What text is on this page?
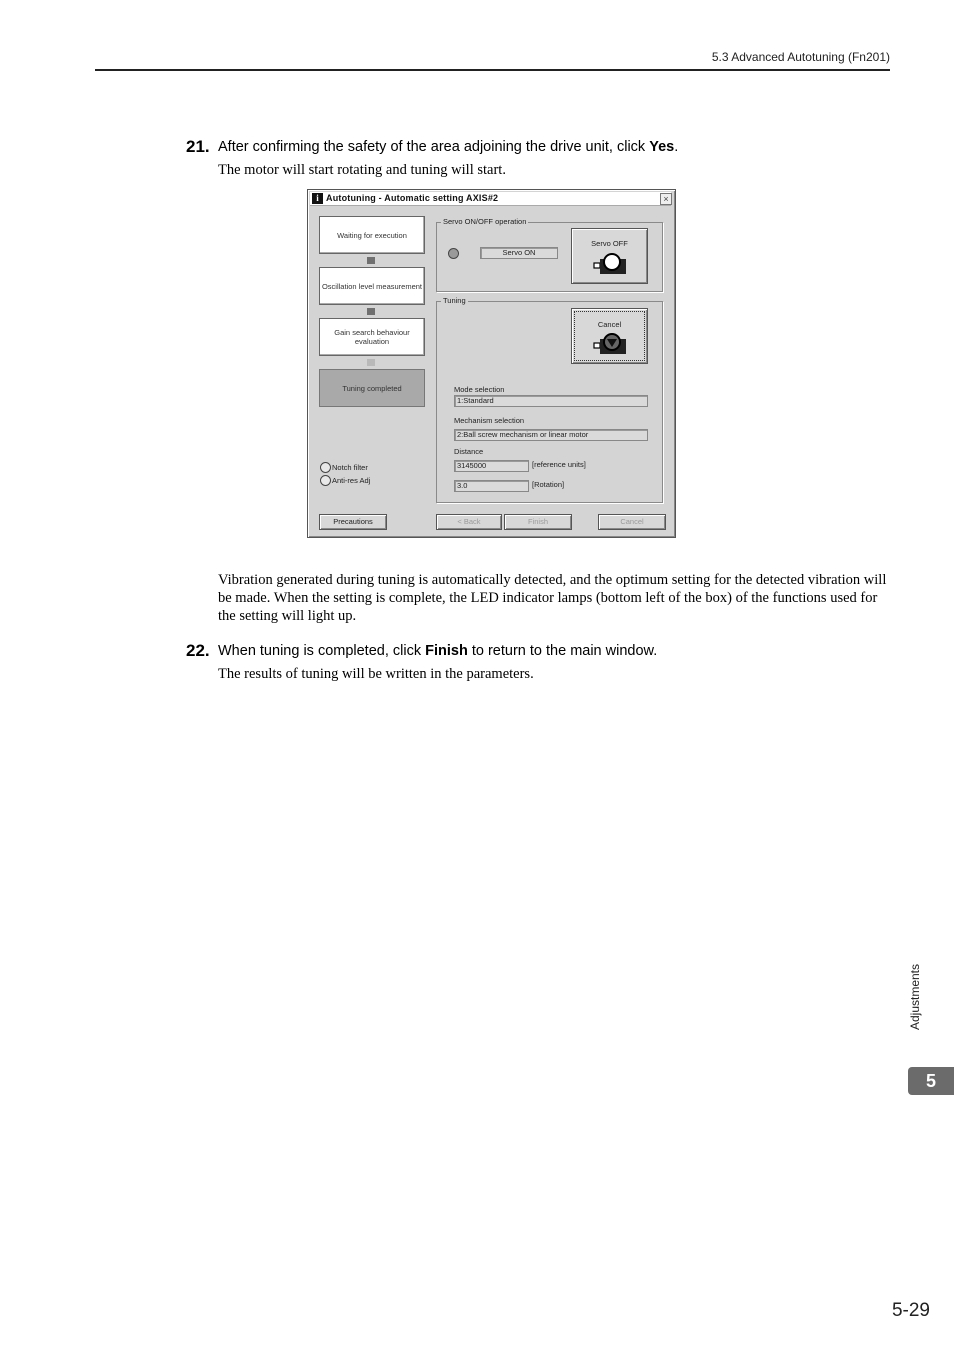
5.3 Advanced Autotuning (Fn201)
21. After confirming the safety of the area adjoining the drive unit, click Yes.
The motor will start rotating and tuning will start.
i Autotuning - Automatic setting AXIS#2	×
Waiting for execution
Oscillation level measurement
Gain search behaviour evaluation
Tuning completed
Servo ON/OFF operation
Servo ON
Servo OFF
Tuning
Cancel
Mode selection
1:Standard
Mechanism selection
2:Ball screw mechanism or linear motor
Distance
3145000	[reference units]
3.0	[Rotation]
Notch filter
Anti-res Adj
Precautions	< Back	Finish	Cancel
Vibration generated during tuning is automatically detected, and the optimum setting for the detected vibration will be made. When the setting is complete, the LED indicator lamps (bottom left of the box) of the functions used for the setting will light up.
22. When tuning is completed, click Finish to return to the main window.
The results of tuning will be written in the parameters.
Adjustments
5
5-29
